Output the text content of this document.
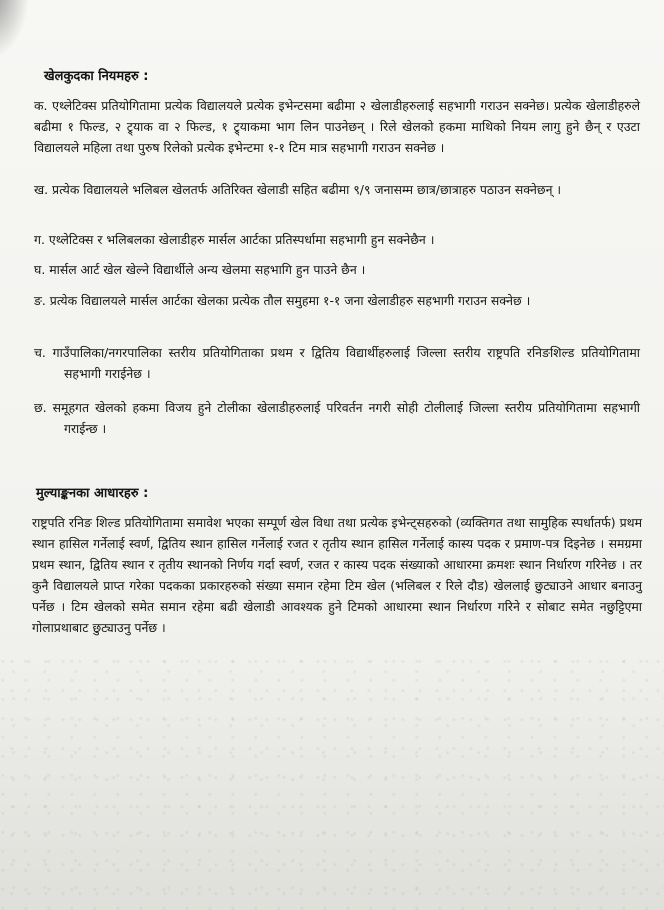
खेलकुदका नियमहरु :

क. एथ्लेटिक्स प्रतियोगितामा प्रत्येक विद्यालयले प्रत्येक इभेन्टसमा बढीमा २ खेलाडीहरुलाई सहभागी गराउन सक्नेछ। प्रत्येक खेलाडीहरुले बढीमा १ फिल्ड, २ ट्र्याक वा २ फिल्ड, १ ट्र्याकमा भाग लिन पाउनेछन् । रिले खेलको हकमा माथिको नियम लागु हुने छैन् र एउटा विद्यालयले महिला तथा पुरुष रिलेको प्रत्येक इभेन्टमा १-१ टिम मात्र सहभागी गराउन सक्नेछ ।

ख. प्रत्येक विद्यालयले भलिबल खेलतर्फ अतिरिक्त खेलाडी सहित बढीमा ९/९ जनासम्म छात्र/छात्राहरु पठाउन सक्नेछन् ।

ग. एथ्लेटिक्स र भलिबलका खेलाडीहरु मार्सल आर्टका प्रतिस्पर्धामा सहभागी हुन सक्नेछैन ।

घ. मार्सल आर्ट खेल खेल्ने विद्यार्थीले अन्य खेलमा सहभागि हुन पाउने छैन ।

ङ. प्रत्येक विद्यालयले मार्सल आर्टका खेलका प्रत्येक तौल समुहमा १-१ जना खेलाडीहरु सहभागी गराउन सक्नेछ ।

च. गाउँपालिका/नगरपालिका स्तरीय प्रतियोगिताका प्रथम र द्वितिय विद्यार्थीहरुलाई जिल्ला स्तरीय राष्ट्रपति रनिङशिल्ड प्रतियोगितामा सहभागी गराईनेछ ।

छ. समूहगत खेलको हकमा विजय हुने टोलीका खेलाडीहरुलाई परिवर्तन नगरी सोही टोलीलाई जिल्ला स्तरीय प्रतियोगितामा सहभागी गराईन्छ ।

मुल्याङ्कनका आधारहरु :

राष्ट्रपति रनिङ शिल्ड प्रतियोगितामा समावेश भएका सम्पूर्ण खेल विधा तथा प्रत्येक इभेन्ट्सहरुको (व्यक्तिगत तथा सामुहिक स्पर्धातर्फ) प्रथम स्थान हासिल गर्नेलाई स्वर्ण, द्वितिय स्थान हासिल गर्नेलाई रजत र तृतीय स्थान हासिल गर्नेलाई कास्य पदक र प्रमाण-पत्र दिइनेछ । समग्रमा प्रथम स्थान, द्वितिय स्थान र तृतीय स्थानको निर्णय गर्दा स्वर्ण, रजत र कास्य पदक संख्याको आधारमा क्रमशः स्थान निर्धारण गरिनेछ । तर कुनै विद्यालयले प्राप्त गरेका पदकका प्रकारहरुको संख्या समान रहेमा टिम खेल (भलिबल र रिले दौड) खेललाई छुट्याउने आधार बनाउनु पर्नेछ । टिम खेलको समेत समान रहेमा बढी खेलाडी आवश्यक हुने टिमको आधारमा स्थान निर्धारण गरिने र सोबाट समेत नछुट्टिएमा गोलाप्रथाबाट छुट्याउनु पर्नेछ ।
